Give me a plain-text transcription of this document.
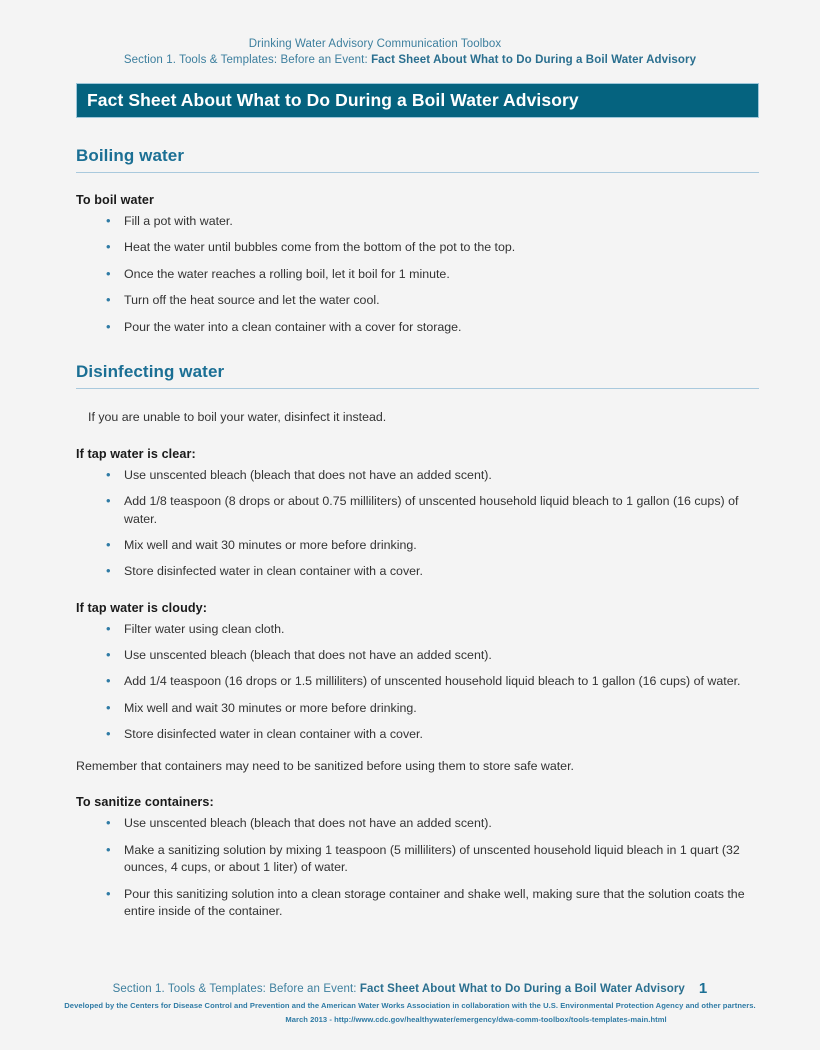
Drinking Water Advisory Communication Toolbox
Section 1. Tools & Templates: Before an Event: Fact Sheet About What to Do During a Boil Water Advisory
Fact Sheet About What to Do During a Boil Water Advisory
Boiling water
To boil water
• Fill a pot with water.
• Heat the water until bubbles come from the bottom of the pot to the top.
• Once the water reaches a rolling boil, let it boil for 1 minute.
• Turn off the heat source and let the water cool.
• Pour the water into a clean container with a cover for storage.
Disinfecting water

If you are unable to boil your water, disinfect it instead.

If tap water is clear:
• Use unscented bleach (bleach that does not have an added scent).
• Add 1/8 teaspoon (8 drops or about 0.75 milliliters) of unscented household liquid bleach to 1 gallon (16 cups) of water.
• Mix well and wait 30 minutes or more before drinking.
• Store disinfected water in clean container with a cover.
If tap water is cloudy:
• Filter water using clean cloth.
• Use unscented bleach (bleach that does not have an added scent).
• Add 1/4 teaspoon (16 drops or 1.5 milliliters) of unscented household liquid bleach to 1 gallon (16 cups) of water.
• Mix well and wait 30 minutes or more before drinking.
• Store disinfected water in clean container with a cover.

Remember that containers may need to be sanitized before using them to store safe water.

To sanitize containers:
• Use unscented bleach (bleach that does not have an added scent).
• Make a sanitizing solution by mixing 1 teaspoon (5 milliliters) of unscented household liquid bleach in 1 quart (32 ounces, 4 cups, or about 1 liter) of water.
• Pour this sanitizing solution into a clean storage container and shake well, making sure that the solution coats the entire inside of the container.
Section 1. Tools & Templates: Before an Event: Fact Sheet About What to Do During a Boil Water Advisory 1
Developed by the Centers for Disease Control and Prevention and the American Water Works Association in collaboration with the U.S. Environmental Protection Agency and other partners.
March 2013 - http://www.cdc.gov/healthywater/emergency/dwa-comm-toolbox/tools-templates-main.html
